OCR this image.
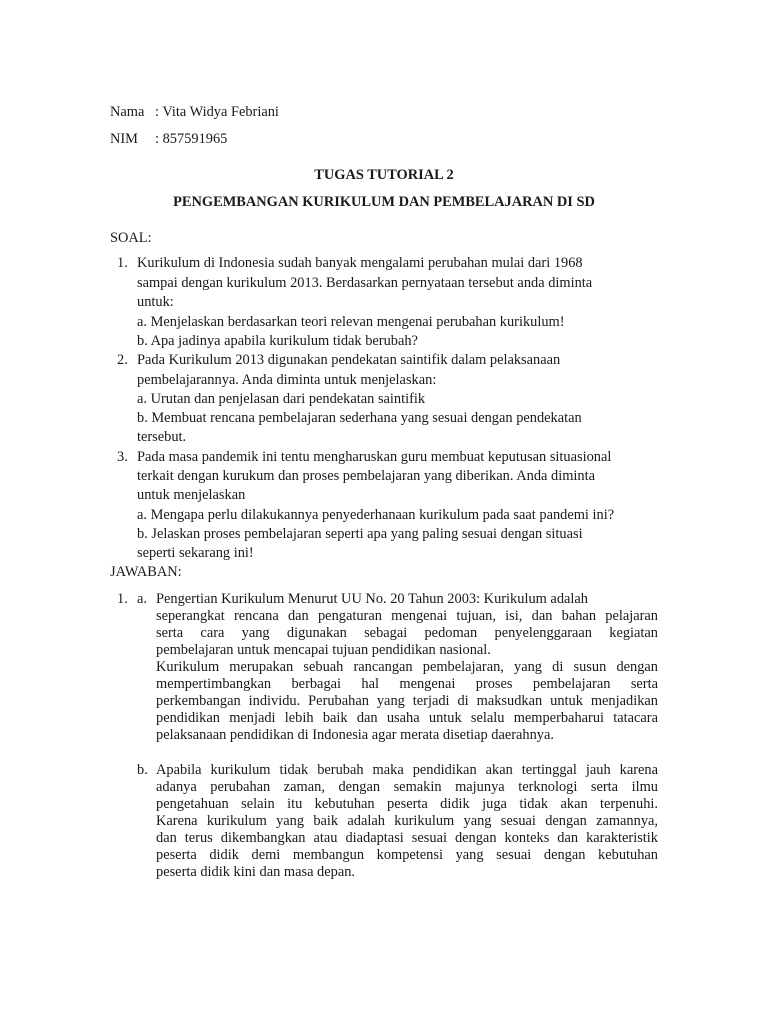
Nama : Vita Widya Febriani
NIM : 857591965
TUGAS TUTORIAL 2
PENGEMBANGAN KURIKULUM DAN PEMBELAJARAN DI SD
SOAL:
1. Kurikulum di Indonesia sudah banyak mengalami perubahan mulai dari 1968
sampai dengan kurikulum 2013. Berdasarkan pernyataan tersebut anda diminta
untuk:
a. Menjelaskan berdasarkan teori relevan mengenai perubahan kurikulum!
b. Apa jadinya apabila kurikulum tidak berubah?
2. Pada Kurikulum 2013 digunakan pendekatan saintifik dalam pelaksanaan
pembelajarannya. Anda diminta untuk menjelaskan:
a. Urutan dan penjelasan dari pendekatan saintifik
b. Membuat rencana pembelajaran sederhana yang sesuai dengan pendekatan
tersebut.
3. Pada masa pandemik ini tentu mengharuskan guru membuat keputusan situasional
terkait dengan kurukum dan proses pembelajaran yang diberikan. Anda diminta
untuk menjelaskan
a. Mengapa perlu dilakukannya penyederhanaan kurikulum pada saat pandemi ini?
b. Jelaskan proses pembelajaran seperti apa yang paling sesuai dengan situasi
seperti sekarang ini!
JAWABAN:
1. a. Pengertian Kurikulum Menurut UU No. 20 Tahun 2003: Kurikulum adalah
seperangkat rencana dan pengaturan mengenai tujuan, isi, dan bahan pelajaran
serta cara yang digunakan sebagai pedoman penyelenggaraan kegiatan
pembelajaran untuk mencapai tujuan pendidikan nasional.
Kurikulum merupakan sebuah rancangan pembelajaran, yang di susun dengan
mempertimbangkan berbagai hal mengenai proses pembelajaran serta
perkembangan individu. Perubahan yang terjadi di maksudkan untuk menjadikan
pendidikan menjadi lebih baik dan usaha untuk selalu memperbaharui tatacara
pelaksanaan pendidikan di Indonesia agar merata disetiap daerahnya.
b. Apabila kurikulum tidak berubah maka pendidikan akan tertinggal jauh karena
adanya perubahan zaman, dengan semakin majunya terknologi serta ilmu
pengetahuan selain itu kebutuhan peserta didik juga tidak akan terpenuhi.
Karena kurikulum yang baik adalah kurikulum yang sesuai dengan zamannya,
dan terus dikembangkan atau diadaptasi sesuai dengan konteks dan karakteristik
peserta didik demi membangun kompetensi yang sesuai dengan kebutuhan
peserta didik kini dan masa depan.
